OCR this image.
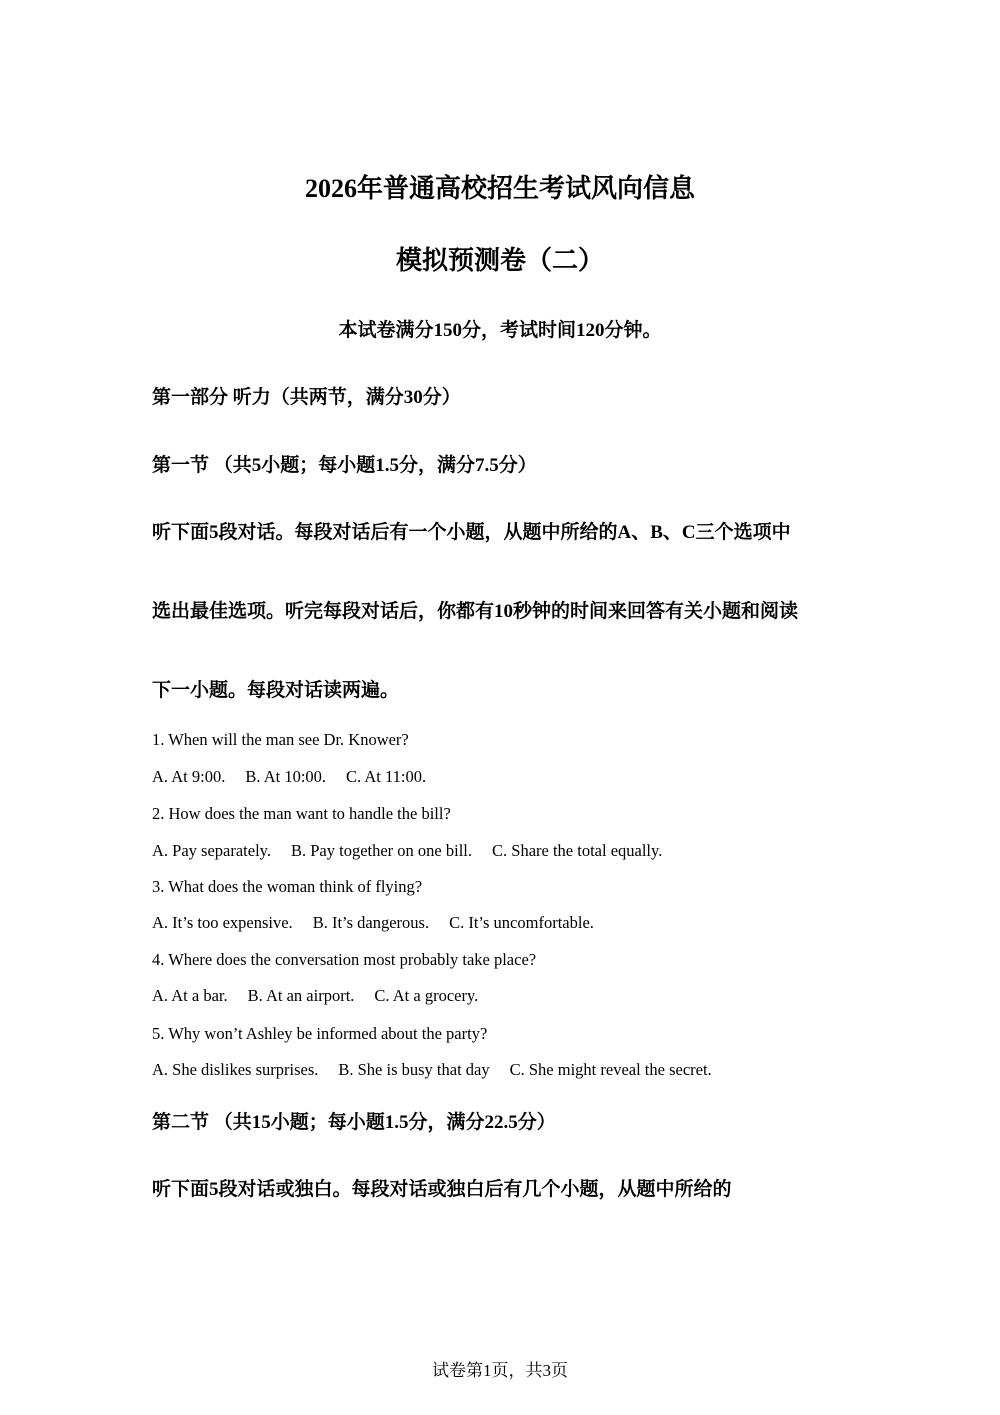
2026年普通高校招生考试风向信息
模拟预测卷（二）
本试卷满分150分，考试时间120分钟。
第一部分 听力（共两节，满分30分）
第一节 （共5小题；每小题1.5分，满分7.5分）
听下面5段对话。每段对话后有一个小题，从题中所给的A、B、C三个选项中
选出最佳选项。听完每段对话后，你都有10秒钟的时间来回答有关小题和阅读
下一小题。每段对话读两遍。
1. When will the man see Dr. Knower?
A. At 9:00. B. At 10:00. C. At 11:00.
2. How does the man want to handle the bill?
A. Pay separately. B. Pay together on one bill. C. Share the total equally.
3. What does the woman think of flying?
A. It’s too expensive. B. It’s dangerous. C. It’s uncomfortable.
4. Where does the conversation most probably take place?
A. At a bar. B. At an airport. C. At a grocery.
5. Why won’t Ashley be informed about the party?
A. She dislikes surprises. B. She is busy that day C. She might reveal the secret.
第二节 （共15小题；每小题1.5分，满分22.5分）
听下面5段对话或独白。每段对话或独白后有几个小题，从题中所给的
试卷第1页，共3页
